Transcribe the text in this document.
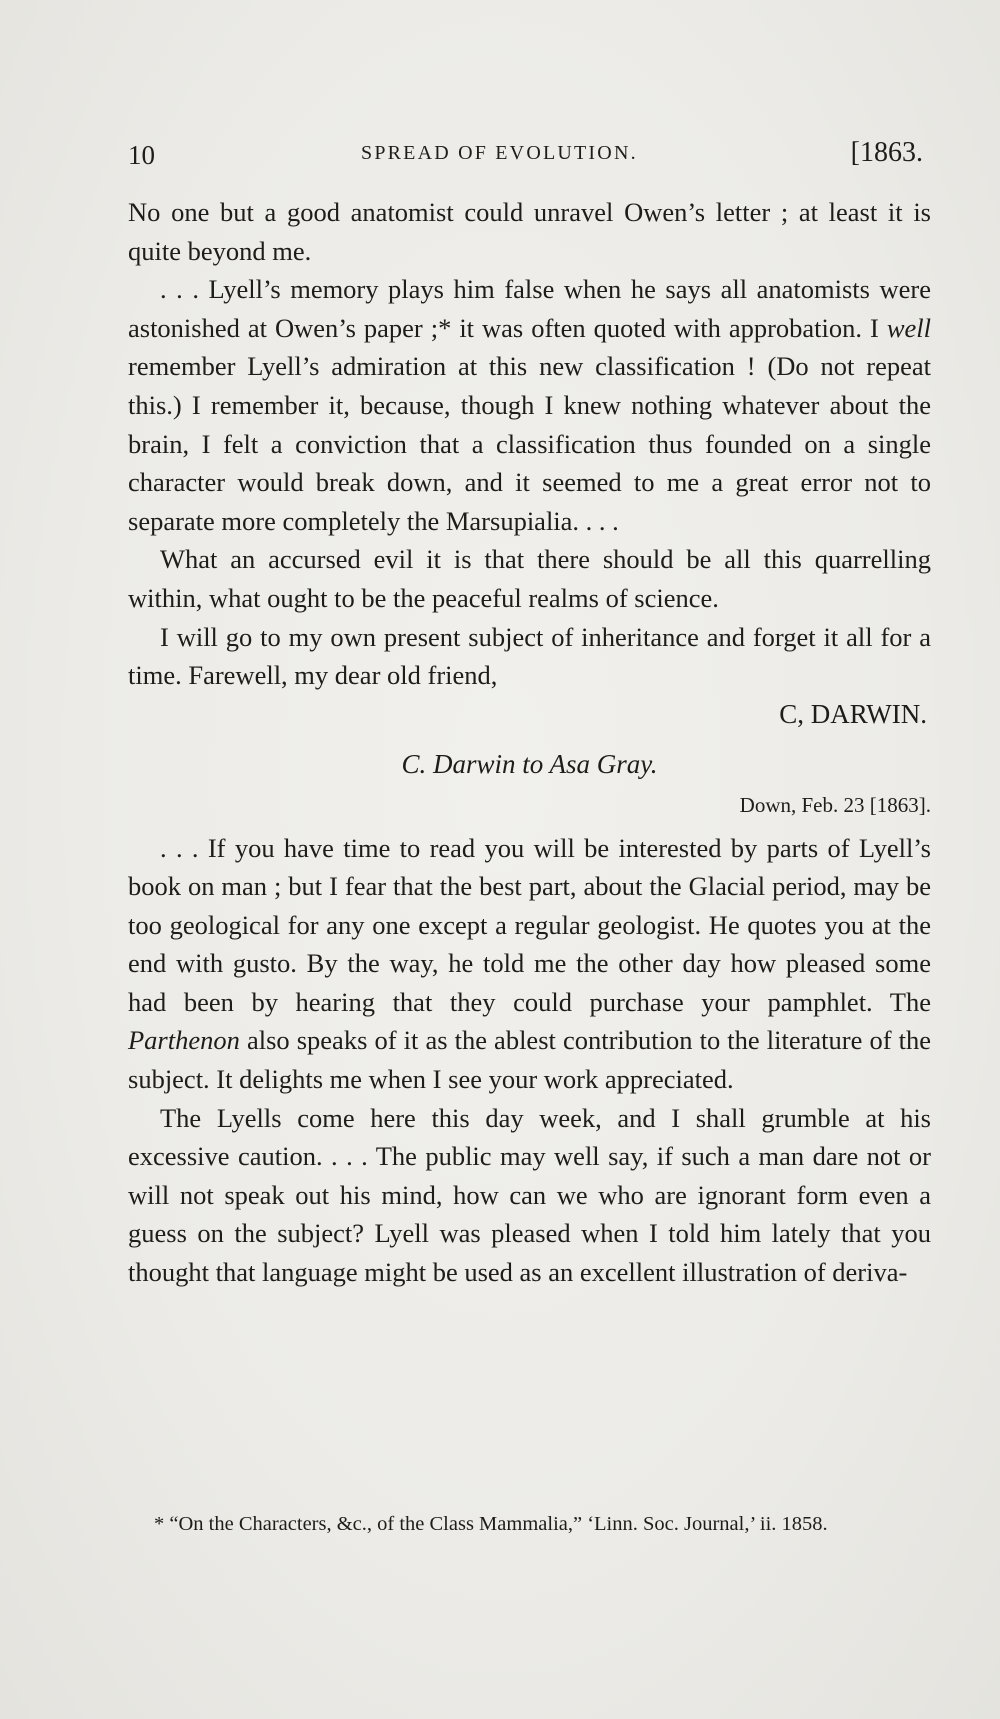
10	SPREAD OF EVOLUTION.	[1863.

No one but a good anatomist could unravel Owen’s letter ; at least it is quite beyond me.

. . . Lyell’s memory plays him false when he says all anatomists were astonished at Owen’s paper ;* it was often quoted with approbation. I well remember Lyell’s admiration at this new classification ! (Do not repeat this.) I remember it, because, though I knew nothing whatever about the brain, I felt a conviction that a classification thus founded on a single character would break down, and it seemed to me a great error not to separate more completely the Marsupialia. . . .

What an accursed evil it is that there should be all this quarrelling within, what ought to be the peaceful realms of science.

I will go to my own present subject of inheritance and forget it all for a time. Farewell, my dear old friend,

C, DARWIN.

C. Darwin to Asa Gray.

Down, Feb. 23 [1863].

. . . If you have time to read you will be interested by parts of Lyell’s book on man ; but I fear that the best part, about the Glacial period, may be too geological for any one except a regular geologist. He quotes you at the end with gusto. By the way, he told me the other day how pleased some had been by hearing that they could purchase your pamphlet. The Parthenon also speaks of it as the ablest contribution to the literature of the subject. It delights me when I see your work appreciated.

The Lyells come here this day week, and I shall grumble at his excessive caution. . . . The public may well say, if such a man dare not or will not speak out his mind, how can we who are ignorant form even a guess on the subject? Lyell was pleased when I told him lately that you thought that language might be used as an excellent illustration of deriva-

* “On the Characters, &c., of the Class Mammalia,” ‘Linn. Soc. Journal,’ ii. 1858.
